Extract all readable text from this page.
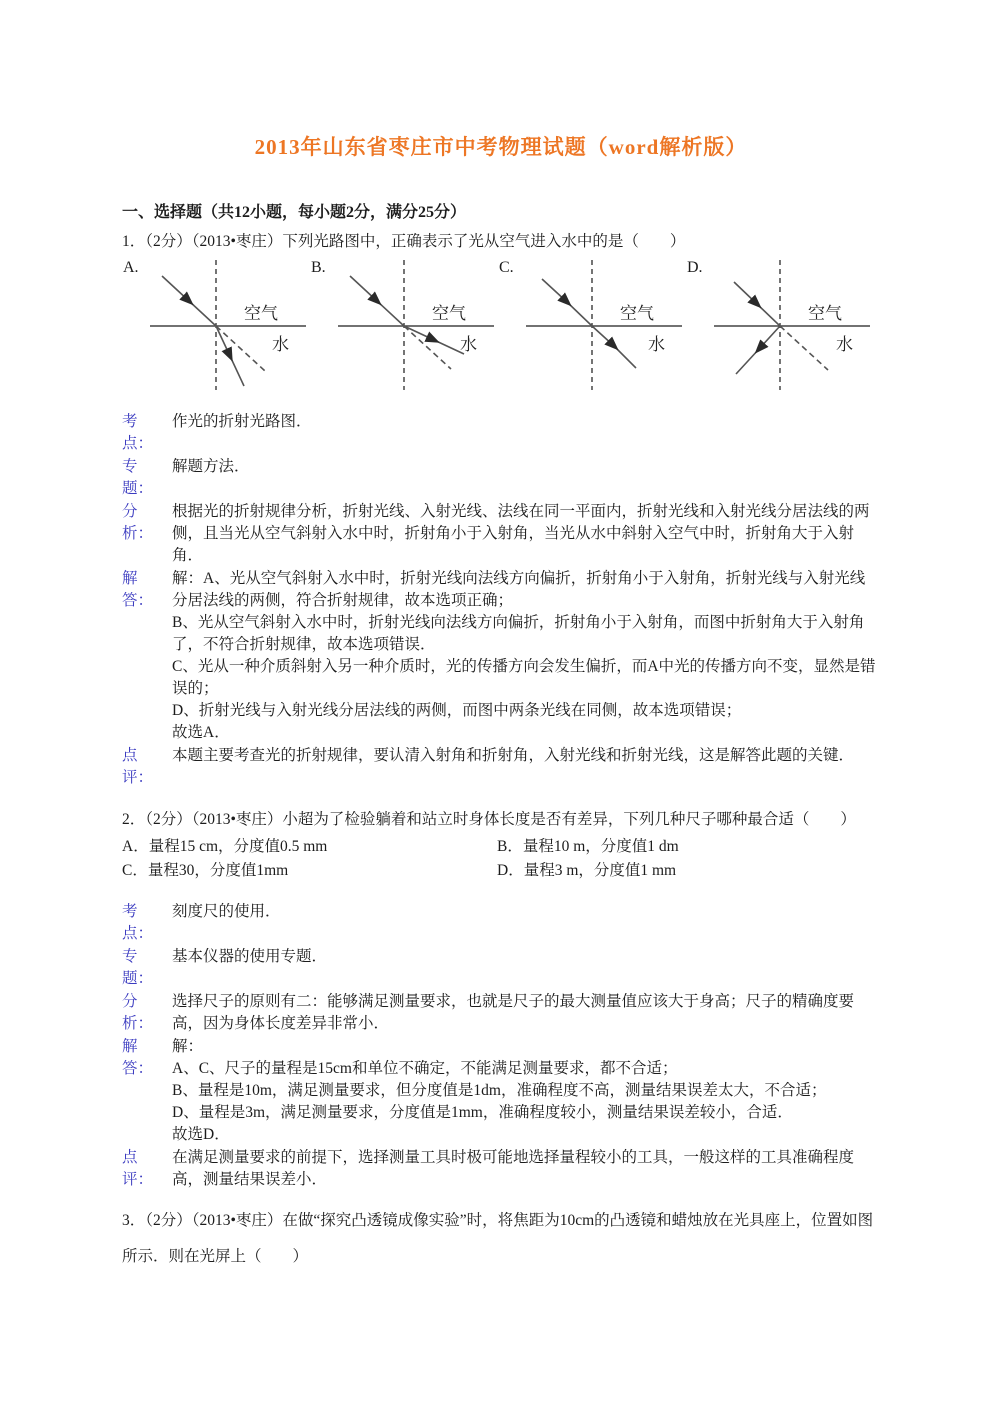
2013年山东省枣庄市中考物理试题（word解析版）
一、选择题（共12小题，每小题2分，满分25分）
1．（2分）（2013•枣庄）下列光路图中，正确表示了光从空气进入水中的是（　　）
A.
空气
水
B.
空气
水
C.
空气
水
D.
空气
水
考
点：

作光的折射光路图．

专
题：

解题方法．

分
析：

根据光的折射规律分析，折射光线、入射光线、法线在同一平面内，折射光线和入射光线分居法线的两侧，且当光从空气斜射入水中时，折射角小于入射角，当光从水中斜射入空气中时，折射角大于入射角．

解
答：

解：A、光从空气斜射入水中时，折射光线向法线方向偏折，折射角小于入射角，折射光线与入射光线分居法线的两侧，符合折射规律，故本选项正确；

B、光从空气斜射入水中时，折射光线向法线方向偏折，折射角小于入射角，而图中折射角大于入射角了，不符合折射规律，故本选项错误．

C、光从一种介质斜射入另一种介质时，光的传播方向会发生偏折，而A中光的传播方向不变，显然是错误的；

D、折射光线与入射光线分居法线的两侧，而图中两条光线在同侧，故本选项错误；

故选A．

点
评：

本题主要考查光的折射规律，要认清入射角和折射角，入射光线和折射光线，这是解答此题的关键．

2．（2分）（2013•枣庄）小超为了检验躺着和站立时身体长度是否有差异，下列几种尺子哪种最合适（　　）
A．量程15 cm，分度值0.5 mm	B．量程10 m，分度值1 dm
C．量程30，分度值1mm	D．量程3 m，分度值1 mm
考
点：

刻度尺的使用．

专
题：

基本仪器的使用专题．

分
析：

选择尺子的原则有二：能够满足测量要求，也就是尺子的最大测量值应该大于身高；尺子的精确度要高，因为身体长度差异非常小．

解
答：

解：

A、C、尺子的量程是15cm和单位不确定，不能满足测量要求，都不合适；

B、量程是10m，满足测量要求，但分度值是1dm，准确程度不高，测量结果误差太大，不合适；

D、量程是3m，满足测量要求，分度值是1mm，准确程度较小，测量结果误差较小，合适．

故选D．

点
评：

在满足测量要求的前提下，选择测量工具时极可能地选择量程较小的工具，一般这样的工具准确程度高，测量结果误差小．

3．（2分）（2013•枣庄）在做“探究凸透镜成像实验”时，将焦距为10cm的凸透镜和蜡烛放在光具座上，位置如图所示．则在光屏上（　　）
